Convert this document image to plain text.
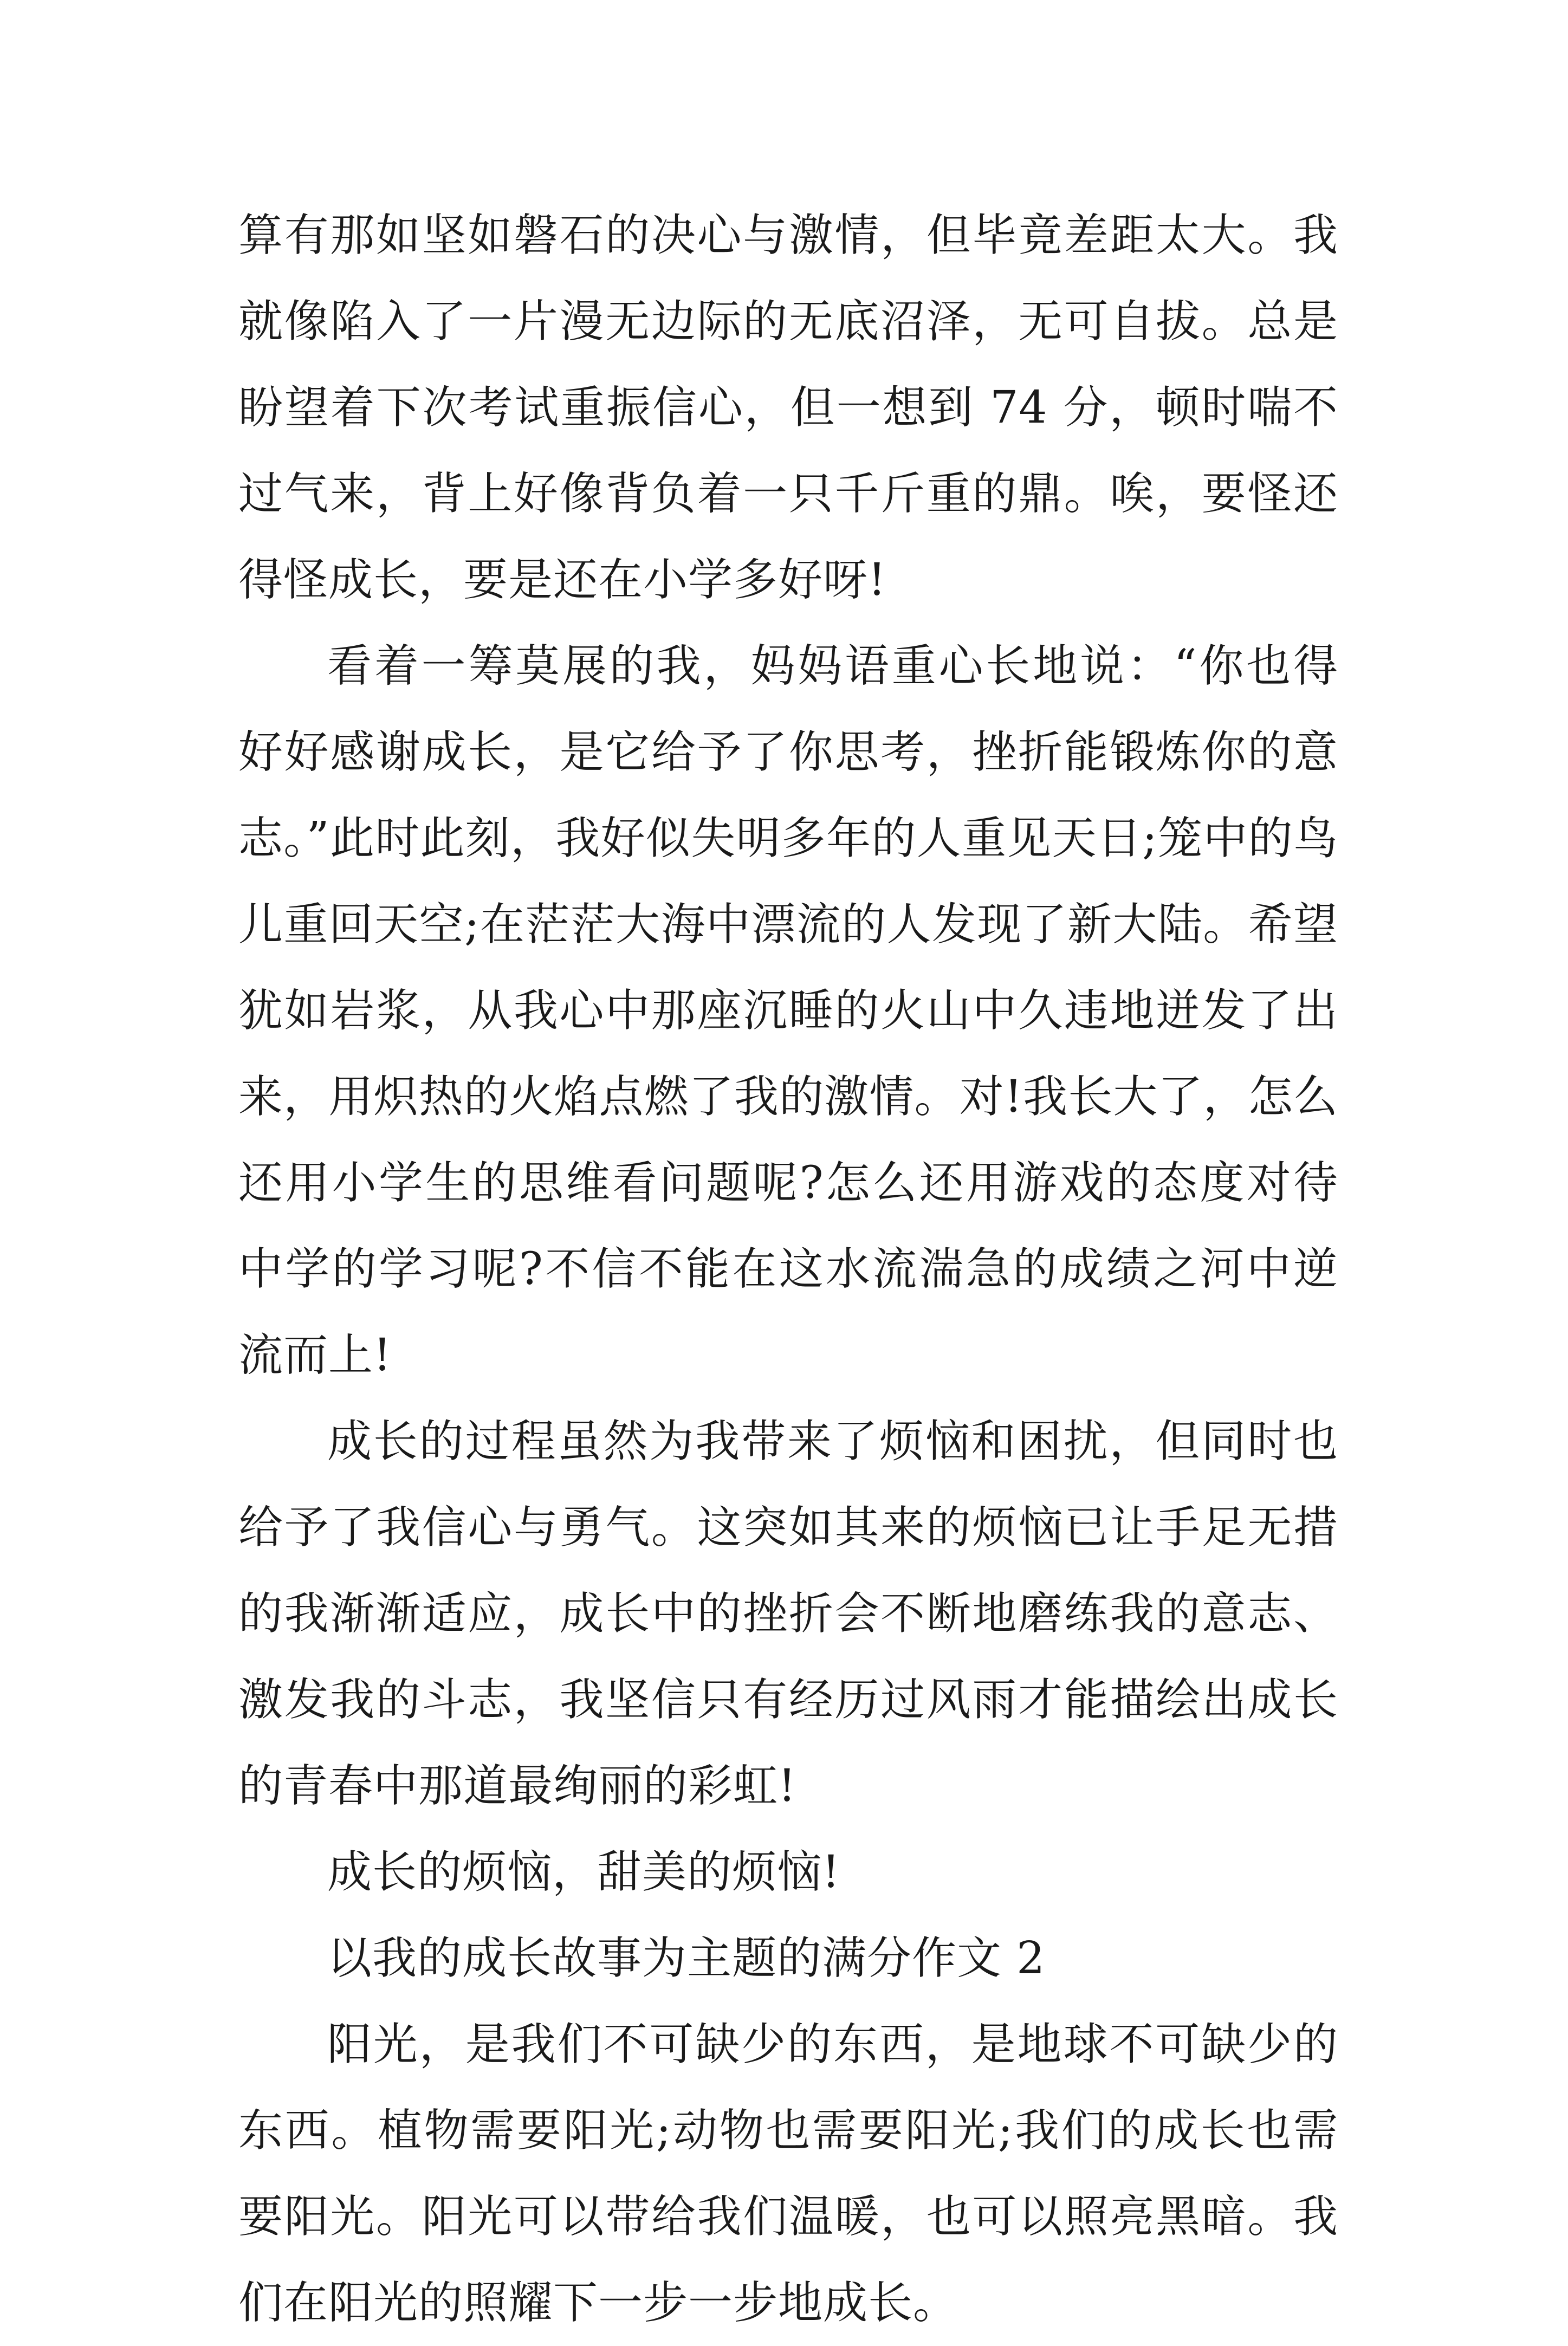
算有那如坚如磐石的决心与激情，但毕竟差距太大。我就像陷入了一片漫无边际的无底沼泽，无可自拔。总是盼望着下次考试重振信心，但一想到 74 分，顿时喘不过气来，背上好像背负着一只千斤重的鼎。唉，要怪还得怪成长，要是还在小学多好呀!

看着一筹莫展的我，妈妈语重心长地说：“你也得好好感谢成长，是它给予了你思考，挫折能锻炼你的意志。”此时此刻，我好似失明多年的人重见天日;笼中的鸟儿重回天空;在茫茫大海中漂流的人发现了新大陆。希望犹如岩浆，从我心中那座沉睡的火山中久违地迸发了出来，用炽热的火焰点燃了我的激情。对!我长大了，怎么还用小学生的思维看问题呢?怎么还用游戏的态度对待中学的学习呢?不信不能在这水流湍急的成绩之河中逆流而上!

成长的过程虽然为我带来了烦恼和困扰，但同时也给予了我信心与勇气。这突如其来的烦恼已让手足无措的我渐渐适应，成长中的挫折会不断地磨练我的意志、激发我的斗志，我坚信只有经历过风雨才能描绘出成长的青春中那道最绚丽的彩虹!

成长的烦恼，甜美的烦恼!

以我的成长故事为主题的满分作文 2

阳光，是我们不可缺少的东西，是地球不可缺少的东西。植物需要阳光;动物也需要阳光;我们的成长也需要阳光。阳光可以带给我们温暖，也可以照亮黑暗。我们在阳光的照耀下一步一步地成长。
